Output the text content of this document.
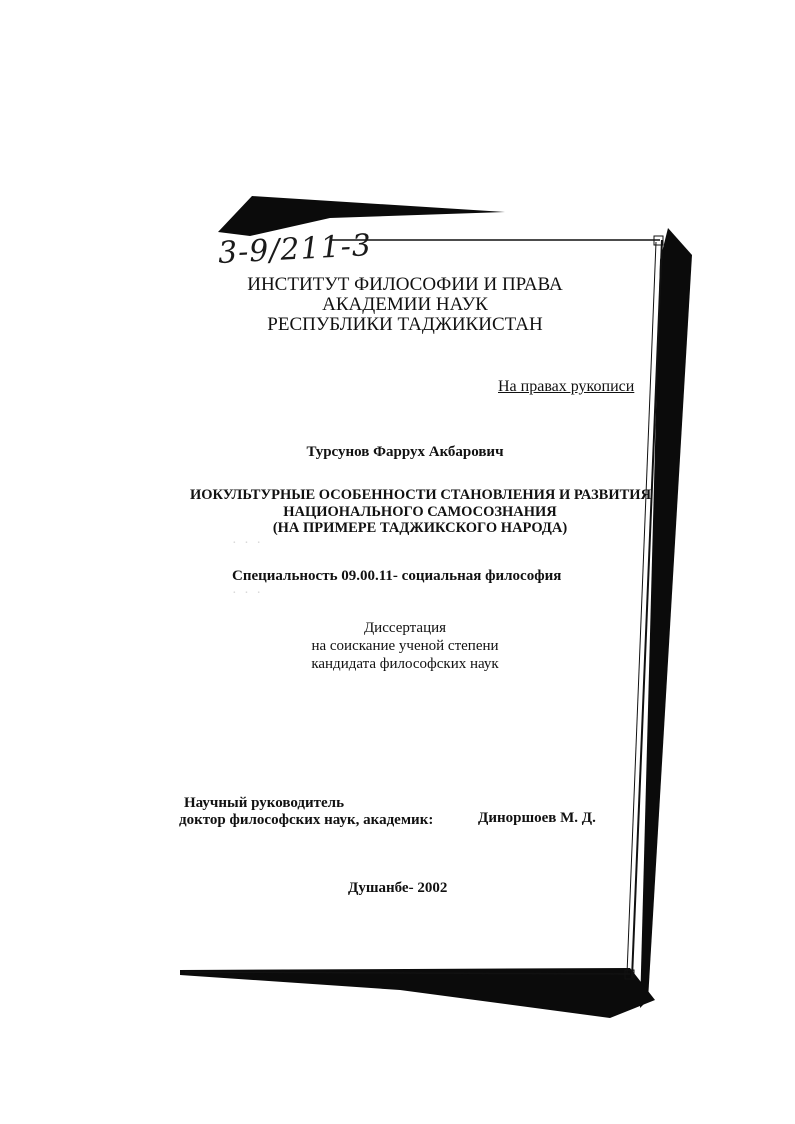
3-9/211-3
ИНСТИТУТ ФИЛОСОФИИ И ПРАВА
АКАДЕМИИ НАУК
РЕСПУБЛИКИ ТАДЖИКИСТАН
На правах рукописи
Турсунов Фаррух Акбарович
ИОКУЛЬТУРНЫЕ ОСОБЕННОСТИ СТАНОВЛЕНИЯ И РАЗВИТИЯ
НАЦИОНАЛЬНОГО САМОСОЗНАНИЯ
(НА ПРИМЕРЕ ТАДЖИКСКОГО НАРОДА)
· · ·
Специальность 09.00.11- социальная философия
· · ·
Диссертация
на соискание ученой степени
кандидата философских наук
Научный руководитель
доктор философских наук, академик:	Диноршоев М. Д.
Душанбе- 2002
